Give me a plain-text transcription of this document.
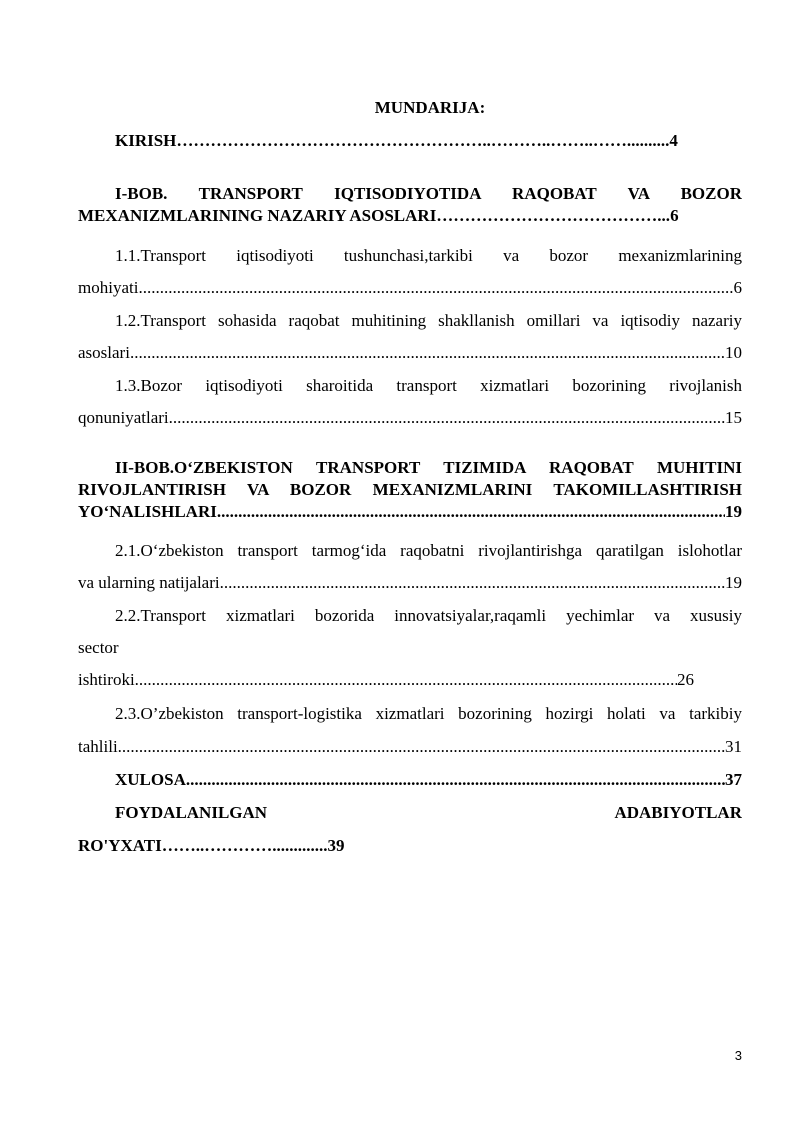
MUNDARIJA:
KIRISH………………………………………………..………..……..…….......... 4
I-BOB. TRANSPORT IQTISODIYOTIDA RAQOBAT VA BOZOR
MEXANIZMLARINING NAZARIY ASOSLARI…………………………………... 6
1.1.Transport iqtisodiyoti tushunchasi,tarkibi va bozor mexanizmlarining
mohiyati .....	6
1.2.Transport sohasida raqobat muhitining shakllanish omillari va iqtisodiy nazariy
asoslari .....	10
1.3.Bozor iqtisodiyoti sharoitida transport xizmatlari bozorining rivojlanish
qonuniyatlari .....	15
II-BOB.O‘ZBEKISTON TRANSPORT TIZIMIDA RAQOBAT MUHITINI
RIVOJLANTIRISH VA BOZOR MEXANIZMLARINI TAKOMILLASHTIRISH
YO‘NALISHLARI .....	19
2.1.O‘zbekiston transport tarmog‘ida raqobatni rivojlantirishga qaratilgan islohotlar
va ularning natijalari .....	19
2.2.Transport xizmatlari bozorida innovatsiyalar,raqamli yechimlar va xususiy
sector
ishtiroki .....	26
2.3.O’zbekiston transport-logistika xizmatlari bozorining hozirgi holati va tarkibiy
tahlili .....	31
XULOSA .....	37
FOYDALANILGAN	ADABIYOTLAR
RO'YXATI……..………….............39
3
